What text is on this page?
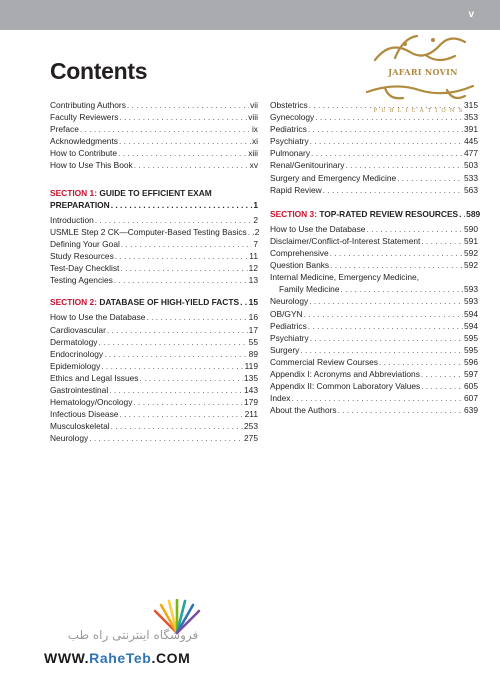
v
Contents	JAFARI NOVIN
PUBLICATIONS
Contributing Authors . . .	vii
Faculty Reviewers . . .	viii
Preface . . .	ix
Acknowledgments . . .	xi
How to Contribute . . .	xiii
How to Use This Book . . .	xv
SECTION 1: GUIDE TO EFFICIENT EXAM
PREPARATION . . .	1
Introduction . . .	2
USMLE Step 2 CK—Computer-Based Testing Basics . . . 2
Defining Your Goal . . .	7
Study Resources . . .	11
Test-Day Checklist . . .	12
Testing Agencies . . .	13
SECTION 2:
DATABASE OF HIGH-YIELD FACTS . . . 15
How to Use the Database . . .	16
Cardiovascular . . .	17
Dermatology . . .	55
Endocrinology . . .	89
Epidemiology . . .	119
Ethics and Legal Issues . . .	135
Gastrointestinal . . .	143
Hematology/Oncology . . .	179
Infectious Disease . . .	211
Musculoskeletal . . .	253
Neurology . . .	275
Obstetrics . . .	315
Gynecology . . .	353
Pediatrics . . .	391
Psychiatry . . .	445
Pulmonary . . .	477
Renal/Genitourinary . . .	503
Surgery and Emergency Medicine . . .	533
Rapid Review . . .	563
SECTION 3:
TOP-RATED REVIEW RESOURCES . . . 589
How to Use the Database . . .	590
Disclaimer/Conflict-of-Interest Statement . . .	591
Comprehensive . . .	592
Question Banks . . .	592
Internal Medicine, Emergency Medicine,
Family Medicine . . .	593
Neurology . . .	593
OB/GYN . . .	594
Pediatrics . . .	594
Psychiatry . . .	595
Surgery . . .	595
Commercial Review Courses . . .	596
Appendix I: Acronyms and Abbreviations . . .	597
Appendix II: Common Laboratory Values . . .	605
Index . . .	607
About the Authors . . .	639
فروشگاه اینترنتی راه طب
WWW.RaheTeb.COM
